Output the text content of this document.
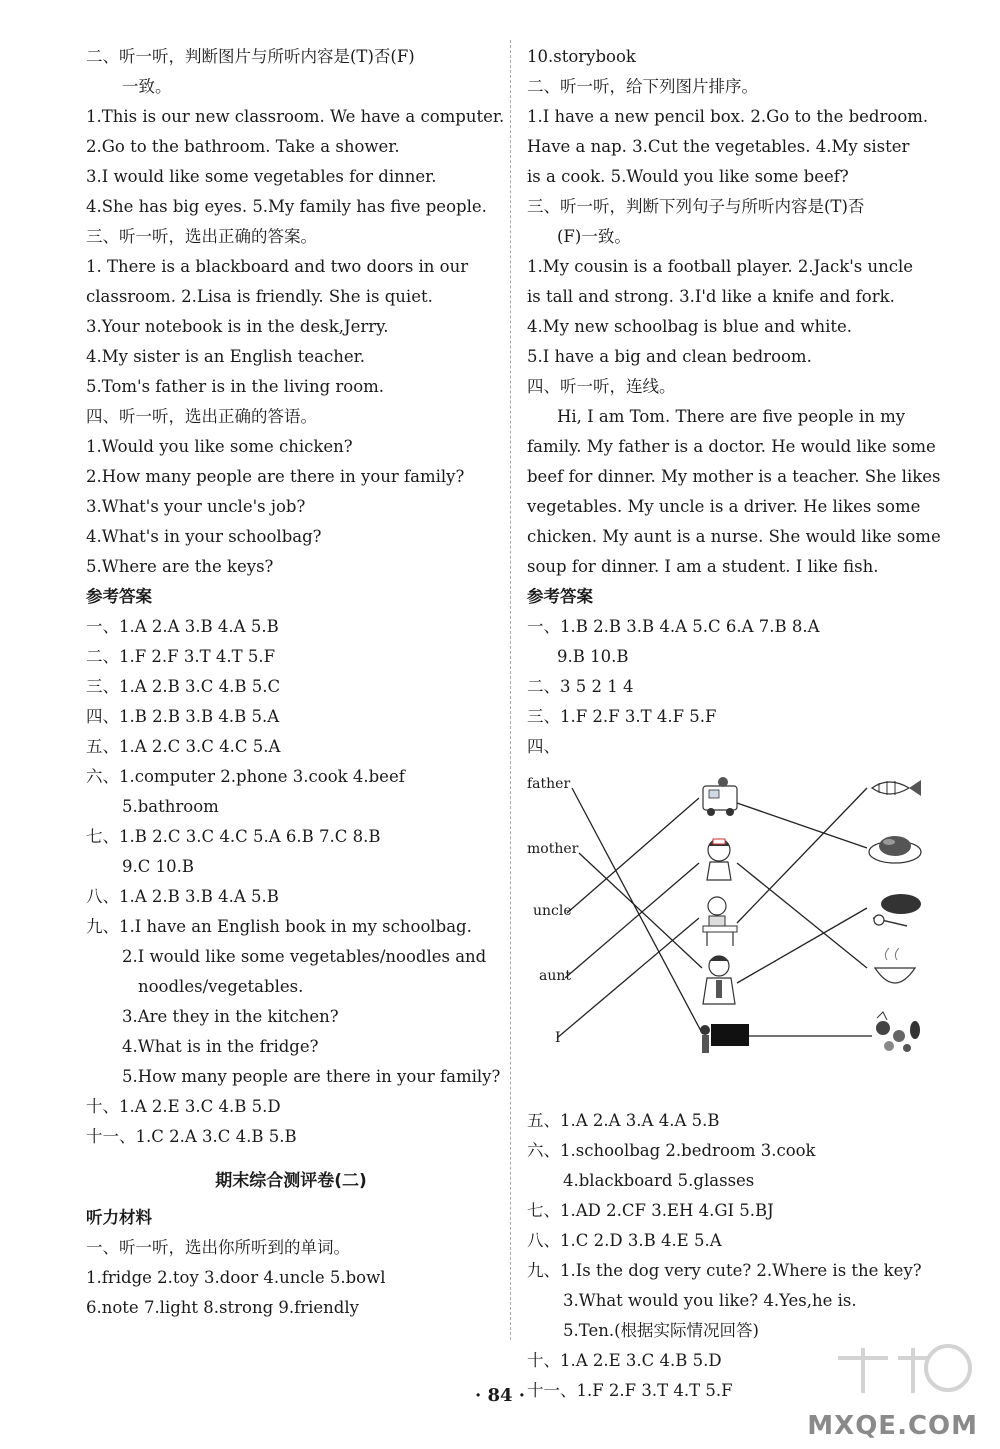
二、听一听，判断图片与所听内容是(T)否(F)
一致。
1.This is our new classroom. We have a computer.
2.Go to the bathroom. Take a shower.
3.I would like some vegetables for dinner.
4.She has big eyes. 5.My family has five people.
三、听一听，选出正确的答案。
1. There is a blackboard and two doors in our
classroom. 2.Lisa is friendly. She is quiet.
3.Your notebook is in the desk,Jerry.
4.My sister is an English teacher.
5.Tom's father is in the living room.
四、听一听，选出正确的答语。
1.Would you like some chicken?
2.How many people are there in your family?
3.What's your uncle's job?
4.What's in your schoolbag?
5.Where are the keys?
参考答案
一、1.A 2.A 3.B 4.A 5.B
二、1.F 2.F 3.T 4.T 5.F
三、1.A 2.B 3.C 4.B 5.C
四、1.B 2.B 3.B 4.B 5.A
五、1.A 2.C 3.C 4.C 5.A
六、1.computer 2.phone 3.cook 4.beef
5.bathroom
七、1.B 2.C 3.C 4.C 5.A 6.B 7.C 8.B
9.C 10.B
八、1.A 2.B 3.B 4.A 5.B
九、1.I have an English book in my schoolbag.
2.I would like some vegetables/noodles and
noodles/vegetables.
3.Are they in the kitchen?
4.What is in the fridge?
5.How many people are there in your family?
十、1.A 2.E 3.C 4.B 5.D
十一、1.C 2.A 3.C 4.B 5.B
期末综合测评卷(二)
听力材料
一、听一听，选出你所听到的单词。
1.fridge 2.toy 3.door 4.uncle 5.bowl
6.note 7.light 8.strong 9.friendly
10.storybook
二、听一听，给下列图片排序。
1.I have a new pencil box. 2.Go to the bedroom.
Have a nap. 3.Cut the vegetables. 4.My sister
is a cook. 5.Would you like some beef?
三、听一听，判断下列句子与所听内容是(T)否
(F)一致。
1.My cousin is a football player. 2.Jack's uncle
is tall and strong. 3.I'd like a knife and fork.
4.My new schoolbag is blue and white.
5.I have a big and clean bedroom.
四、听一听，连线。
Hi, I am Tom. There are five people in my
family. My father is a doctor. He would like some
beef for dinner. My mother is a teacher. She likes
vegetables. My uncle is a driver. He likes some
chicken. My aunt is a nurse. She would like some
soup for dinner. I am a student. I like fish.
参考答案
一、1.B 2.B 3.B 4.A 5.C 6.A 7.B 8.A
9.B 10.B
二、3 5 2 1 4
三、1.F 2.F 3.T 4.F 5.F
四、
father
mother
uncle
aunt
I
五、1.A 2.A 3.A 4.A 5.B
六、1.schoolbag 2.bedroom 3.cook
4.blackboard 5.glasses
七、1.AD 2.CF 3.EH 4.GI 5.BJ
八、1.C 2.D 3.B 4.E 5.A
九、1.Is the dog very cute? 2.Where is the key?
3.What would you like? 4.Yes,he is.
5.Ten.(根据实际情况回答)
十、1.A 2.E 3.C 4.B 5.D
十一、1.F 2.F 3.T 4.T 5.F
· 84 ·
MXQE.COM
